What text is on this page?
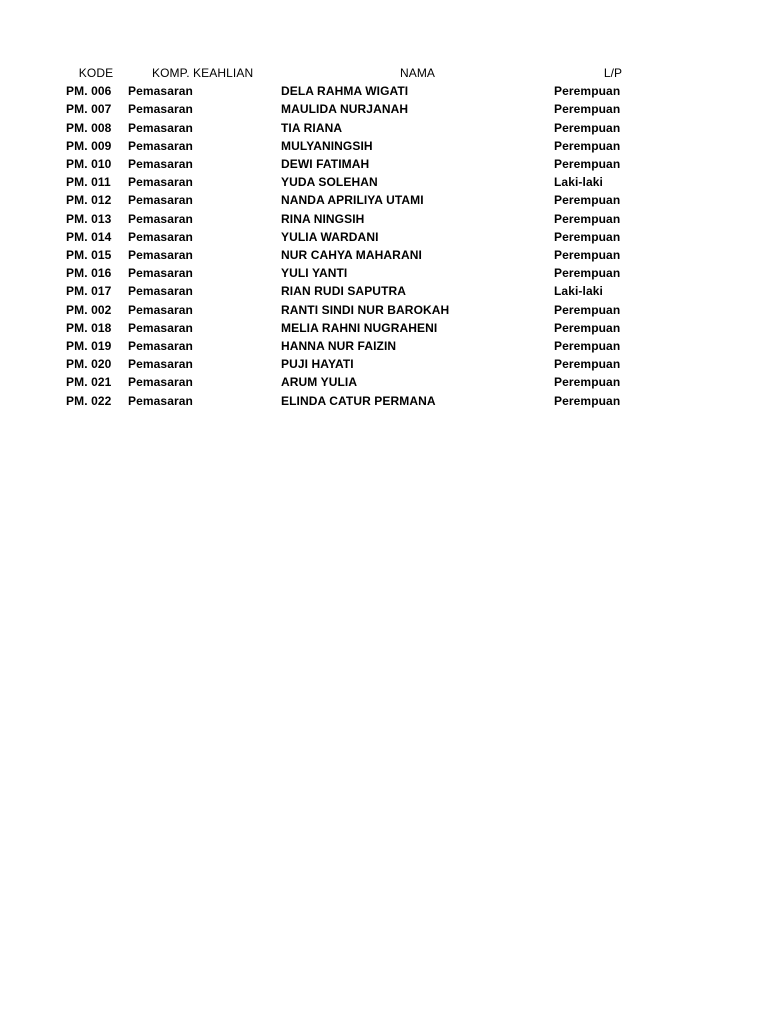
KODE	KOMP. KEAHLIAN	NAMA	L/P
PM. 006	Pemasaran	DELA RAHMA WIGATI	Perempuan
PM. 007	Pemasaran	MAULIDA NURJANAH	Perempuan
PM. 008	Pemasaran	TIA RIANA	Perempuan
PM. 009	Pemasaran	MULYANINGSIH	Perempuan
PM. 010	Pemasaran	DEWI FATIMAH	Perempuan
PM. 011	Pemasaran	YUDA SOLEHAN	Laki-laki
PM. 012	Pemasaran	NANDA APRILIYA UTAMI	Perempuan
PM. 013	Pemasaran	RINA NINGSIH	Perempuan
PM. 014	Pemasaran	YULIA WARDANI	Perempuan
PM. 015	Pemasaran	NUR CAHYA MAHARANI	Perempuan
PM. 016	Pemasaran	YULI YANTI	Perempuan
PM. 017	Pemasaran	RIAN RUDI SAPUTRA	Laki-laki
PM. 002	Pemasaran	RANTI SINDI NUR BAROKAH	Perempuan
PM. 018	Pemasaran	MELIA RAHNI NUGRAHENI	Perempuan
PM. 019	Pemasaran	HANNA NUR FAIZIN	Perempuan
PM. 020	Pemasaran	PUJI HAYATI	Perempuan
PM. 021	Pemasaran	ARUM YULIA	Perempuan
PM. 022	Pemasaran	ELINDA CATUR PERMANA	Perempuan
